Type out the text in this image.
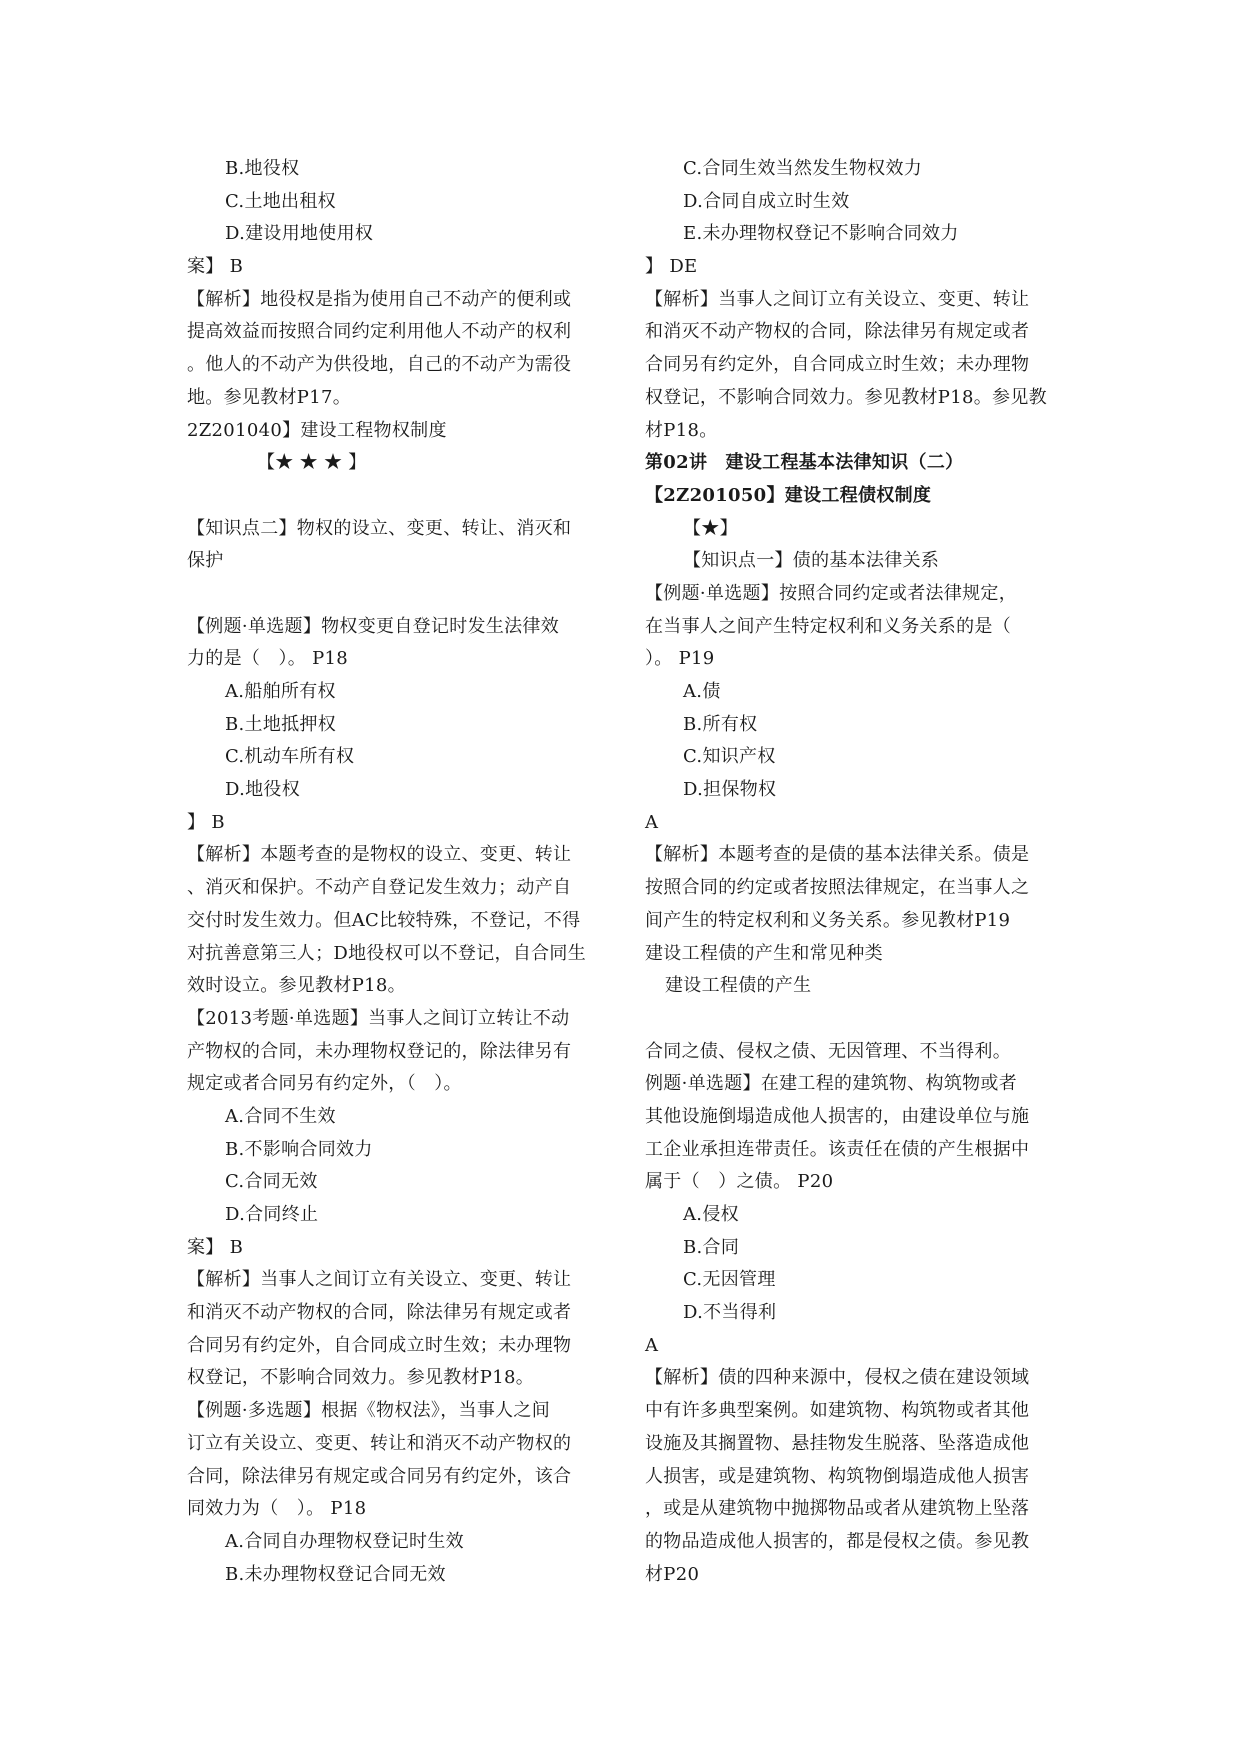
B.地役权
C.土地出租权
D.建设用地使用权
案】 B
【解析】地役权是指为使用自己不动产的便利或
提高效益而按照合同约定利用他人不动产的权利
。他人的不动产为供役地，自己的不动产为需役
地。参见教材P17。
2Z201040】建设工程物权制度
【★ ★ ★ 】
【知识点二】物权的设立、变更、转让、消灭和
保护
【例题·单选题】物权变更自登记时发生法律效
力的是（　）。 P18
A.船舶所有权
B.土地抵押权
C.机动车所有权
D.地役权
】 B
【解析】本题考查的是物权的设立、变更、转让
、消灭和保护。不动产自登记发生效力；动产自
交付时发生效力。但AC比较特殊，不登记，不得
对抗善意第三人；D地役权可以不登记，自合同生
效时设立。参见教材P18。
【2013考题·单选题】当事人之间订立转让不动
产物权的合同，未办理物权登记的，除法律另有
规定或者合同另有约定外，（　）。
A.合同不生效
B.不影响合同效力
C.合同无效
D.合同终止
案】 B
【解析】当事人之间订立有关设立、变更、转让
和消灭不动产物权的合同，除法律另有规定或者
合同另有约定外，自合同成立时生效；未办理物
权登记，不影响合同效力。参见教材P18。
【例题·多选题】根据《物权法》，当事人之间
订立有关设立、变更、转让和消灭不动产物权的
合同，除法律另有规定或合同另有约定外，该合
同效力为（　）。 P18
A.合同自办理物权登记时生效
B.未办理物权登记合同无效
C.合同生效当然发生物权效力
D.合同自成立时生效
E.未办理物权登记不影响合同效力
】 DE
【解析】当事人之间订立有关设立、变更、转让
和消灭不动产物权的合同，除法律另有规定或者
合同另有约定外，自合同成立时生效；未办理物
权登记，不影响合同效力。参见教材P18。参见教
材P18。
第02讲　建设工程基本法律知识（二）
【2Z201050】建设工程债权制度
【★】
【知识点一】债的基本法律关系
【例题·单选题】按照合同约定或者法律规定，
在当事人之间产生特定权利和义务关系的是（
）。 P19
A.债
B.所有权
C.知识产权
D.担保物权
A
【解析】本题考查的是债的基本法律关系。债是
按照合同的约定或者按照法律规定，在当事人之
间产生的特定权利和义务关系。参见教材P19
建设工程债的产生和常见种类
建设工程债的产生
合同之债、侵权之债、无因管理、不当得利。
例题·单选题】在建工程的建筑物、构筑物或者
其他设施倒塌造成他人损害的，由建设单位与施
工企业承担连带责任。该责任在债的产生根据中
属于（　）之债。 P20
A.侵权
B.合同
C.无因管理
D.不当得利
A
【解析】债的四种来源中，侵权之债在建设领域
中有许多典型案例。如建筑物、构筑物或者其他
设施及其搁置物、悬挂物发生脱落、坠落造成他
人损害，或是建筑物、构筑物倒塌造成他人损害
，或是从建筑物中抛掷物品或者从建筑物上坠落
的物品造成他人损害的，都是侵权之债。参见教
材P20
